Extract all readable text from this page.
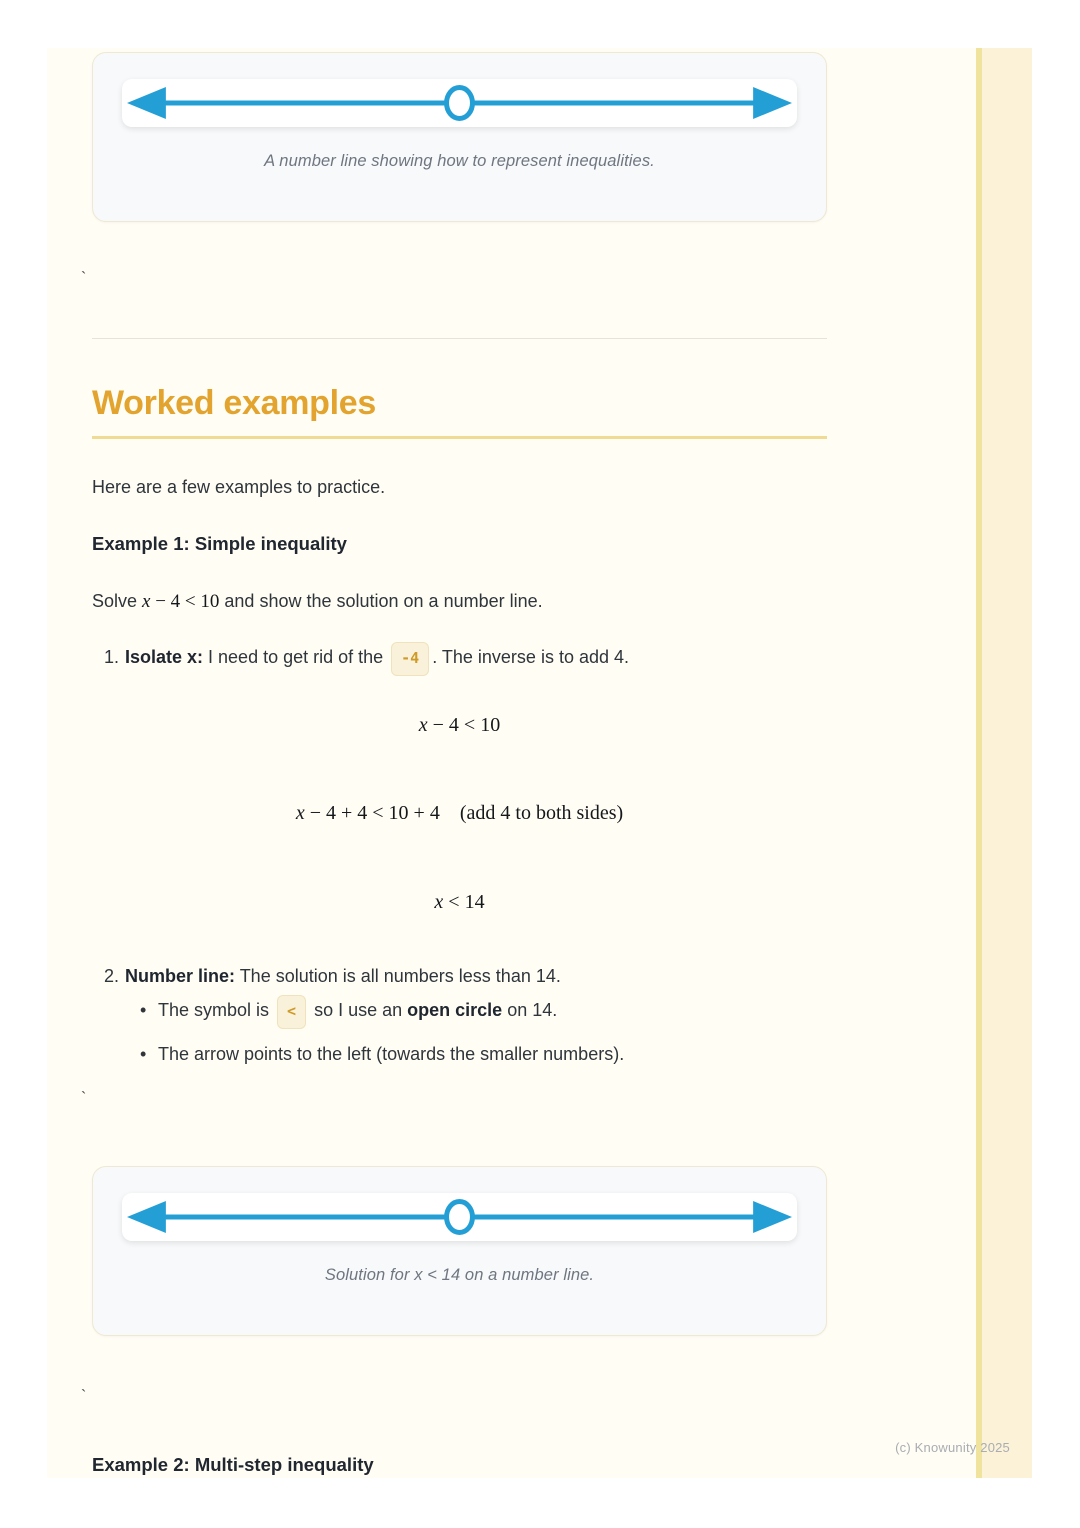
A number line showing how to represent inequalities.
`
Worked examples

Here are a few examples to practice.

Example 1: Simple inequality

Solve x − 4 < 10 and show the solution on a number line.

1. Isolate x: I need to get rid of the -4 . The inverse is to add 4.
x − 4 < 10
x − 4 + 4 < 10 + 4 (add 4 to both sides)
x < 14
2. Number line: The solution is all numbers less than 14.
• The symbol is < so I use an open circle on 14.
• The arrow points to the left (towards the smaller numbers).
`
Solution for x < 14 on a number line.
`

Example 2: Multi-step inequality

(c) Knowunity 2025
